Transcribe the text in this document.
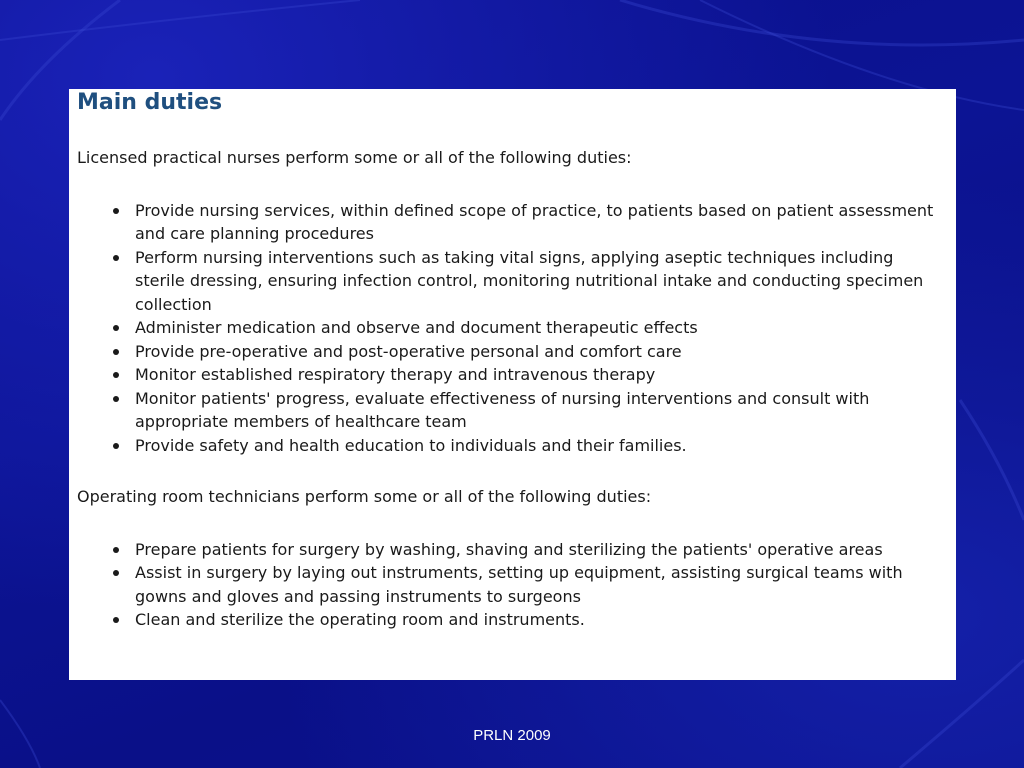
Main duties

Licensed practical nurses perform some or all of the following duties:

Provide nursing services, within defined scope of practice, to patients based on patient assessment and care planning procedures
Perform nursing interventions such as taking vital signs, applying aseptic techniques including sterile dressing, ensuring infection control, monitoring nutritional intake and conducting specimen collection
Administer medication and observe and document therapeutic effects
Provide pre-operative and post-operative personal and comfort care
Monitor established respiratory therapy and intravenous therapy
Monitor patients' progress, evaluate effectiveness of nursing interventions and consult with appropriate members of healthcare team
Provide safety and health education to individuals and their families.

Operating room technicians perform some or all of the following duties:

Prepare patients for surgery by washing, shaving and sterilizing the patients' operative areas
Assist in surgery by laying out instruments, setting up equipment, assisting surgical teams with gowns and gloves and passing instruments to surgeons
Clean and sterilize the operating room and instruments.
PRLN 2009
